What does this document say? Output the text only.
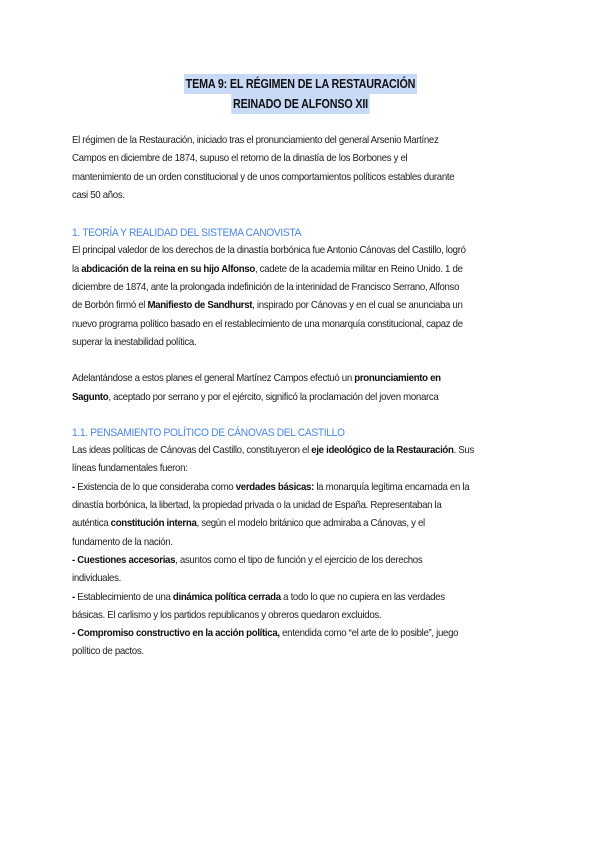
TEMA 9: EL RÉGIMEN DE LA RESTAURACIÓN
REINADO DE ALFONSO XII

El régimen de la Restauración, iniciado tras el pronunciamiento del general Arsenio Martínez
Campos en diciembre de 1874, supuso el retorno de la dinastía de los Borbones y el
mantenimiento de un orden constitucional y de unos comportamientos políticos estables durante
casi 50 años.

1. TEORÍA Y REALIDAD DEL SISTEMA CANOVISTA

El principal valedor de los derechos de la dinastía borbónica fue Antonio Cánovas del Castillo, logró
la abdicación de la reina en su hijo Alfonso, cadete de la academia militar en Reino Unido. 1 de
diciembre de 1874, ante la prolongada indefinición de la interinidad de Francisco Serrano, Alfonso
de Borbón firmó el Manifiesto de Sandhurst, inspirado por Cánovas y en el cual se anunciaba un
nuevo programa político basado en el restablecimiento de una monarquía constitucional, capaz de
superar la inestabilidad política.

Adelantándose a estos planes el general Martínez Campos efectuó un pronunciamiento en
Sagunto, aceptado por serrano y por el ejército, significó la proclamación del joven monarca

1.1. PENSAMIENTO POLÍTICO DE CÁNOVAS DEL CASTILLO

Las ideas políticas de Cánovas del Castillo, constituyeron el eje ideológico de la Restauración. Sus
líneas fundamentales fueron:

- Existencia de lo que consideraba como verdades básicas: la monarquía legítima encarnada en la
dinastía borbónica, la libertad, la propiedad privada o la unidad de España. Representaban la
auténtica constitución interna, según el modelo británico que admiraba a Cánovas, y el
fundamento de la nación.

- Cuestiones accesorias, asuntos como el tipo de función y el ejercicio de los derechos
individuales.

- Establecimiento de una dinámica política cerrada a todo lo que no cupiera en las verdades
básicas. El carlismo y los partidos republicanos y obreros quedaron excluidos.

- Compromiso constructivo en la acción política, entendida como “el arte de lo posible”, juego
político de pactos.
